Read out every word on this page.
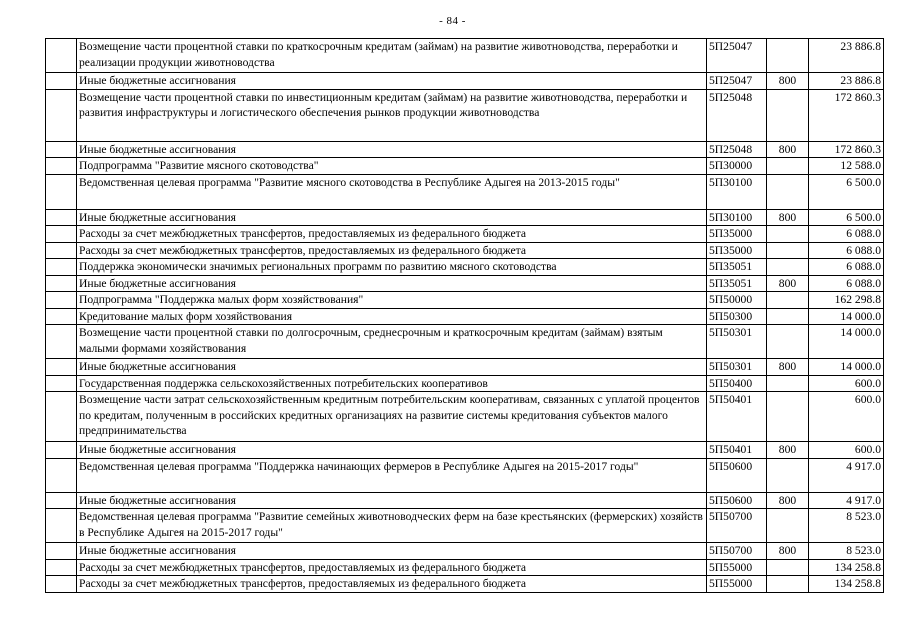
- 84 -
	Возмещение части процентной ставки по краткосрочным кредитам (займам) на развитие животноводства, переработки и реализации продукции животноводства	5П25047		23 886.8
	Иные бюджетные ассигнования	5П25047	800	23 886.8
	Возмещение части процентной ставки по инвестиционным кредитам (займам) на развитие животноводства, переработки и развития инфраструктуры и логистического обеспечения рынков продукции животноводства	5П25048		172 860.3
	Иные бюджетные ассигнования	5П25048	800	172 860.3
	Подпрограмма "Развитие мясного скотоводства"	5П30000		12 588.0
	Ведомственная целевая программа "Развитие мясного скотоводства в Республике Адыгея на 2013-2015 годы"	5П30100		6 500.0
	Иные бюджетные ассигнования	5П30100	800	6 500.0
	Расходы за счет межбюджетных трансфертов, предоставляемых из федерального бюджета	5П35000		6 088.0
	Расходы за счет межбюджетных трансфертов, предоставляемых из федерального бюджета	5П35000		6 088.0
	Поддержка экономически значимых региональных программ по развитию мясного скотоводства	5П35051		6 088.0
	Иные бюджетные ассигнования	5П35051	800	6 088.0
	Подпрограмма "Поддержка малых форм хозяйствования"	5П50000		162 298.8
	Кредитование малых форм хозяйствования	5П50300		14 000.0
	Возмещение части процентной ставки по долгосрочным, среднесрочным и краткосрочным кредитам (займам) взятым малыми формами хозяйствования	5П50301		14 000.0
	Иные бюджетные ассигнования	5П50301	800	14 000.0
	Государственная поддержка сельскохозяйственных потребительских кооперативов	5П50400		600.0
	Возмещение части затрат сельскохозяйственным кредитным потребительским кооперативам, связанных с уплатой процентов по кредитам, полученным в российских кредитных организациях на развитие системы кредитования субъектов малого предпринимательства	5П50401		600.0
	Иные бюджетные ассигнования	5П50401	800	600.0
	Ведомственная целевая программа "Поддержка начинающих фермеров в Республике Адыгея на 2015-2017 годы"	5П50600		4 917.0
	Иные бюджетные ассигнования	5П50600	800	4 917.0
	Ведомственная целевая программа "Развитие семейных животноводческих ферм на базе крестьянских (фермерских) хозяйств в Республике Адыгея на 2015-2017 годы"	5П50700		8 523.0
	Иные бюджетные ассигнования	5П50700	800	8 523.0
	Расходы за счет межбюджетных трансфертов, предоставляемых из федерального бюджета	5П55000		134 258.8
	Расходы за счет межбюджетных трансфертов, предоставляемых из федерального бюджета	5П55000		134 258.8
